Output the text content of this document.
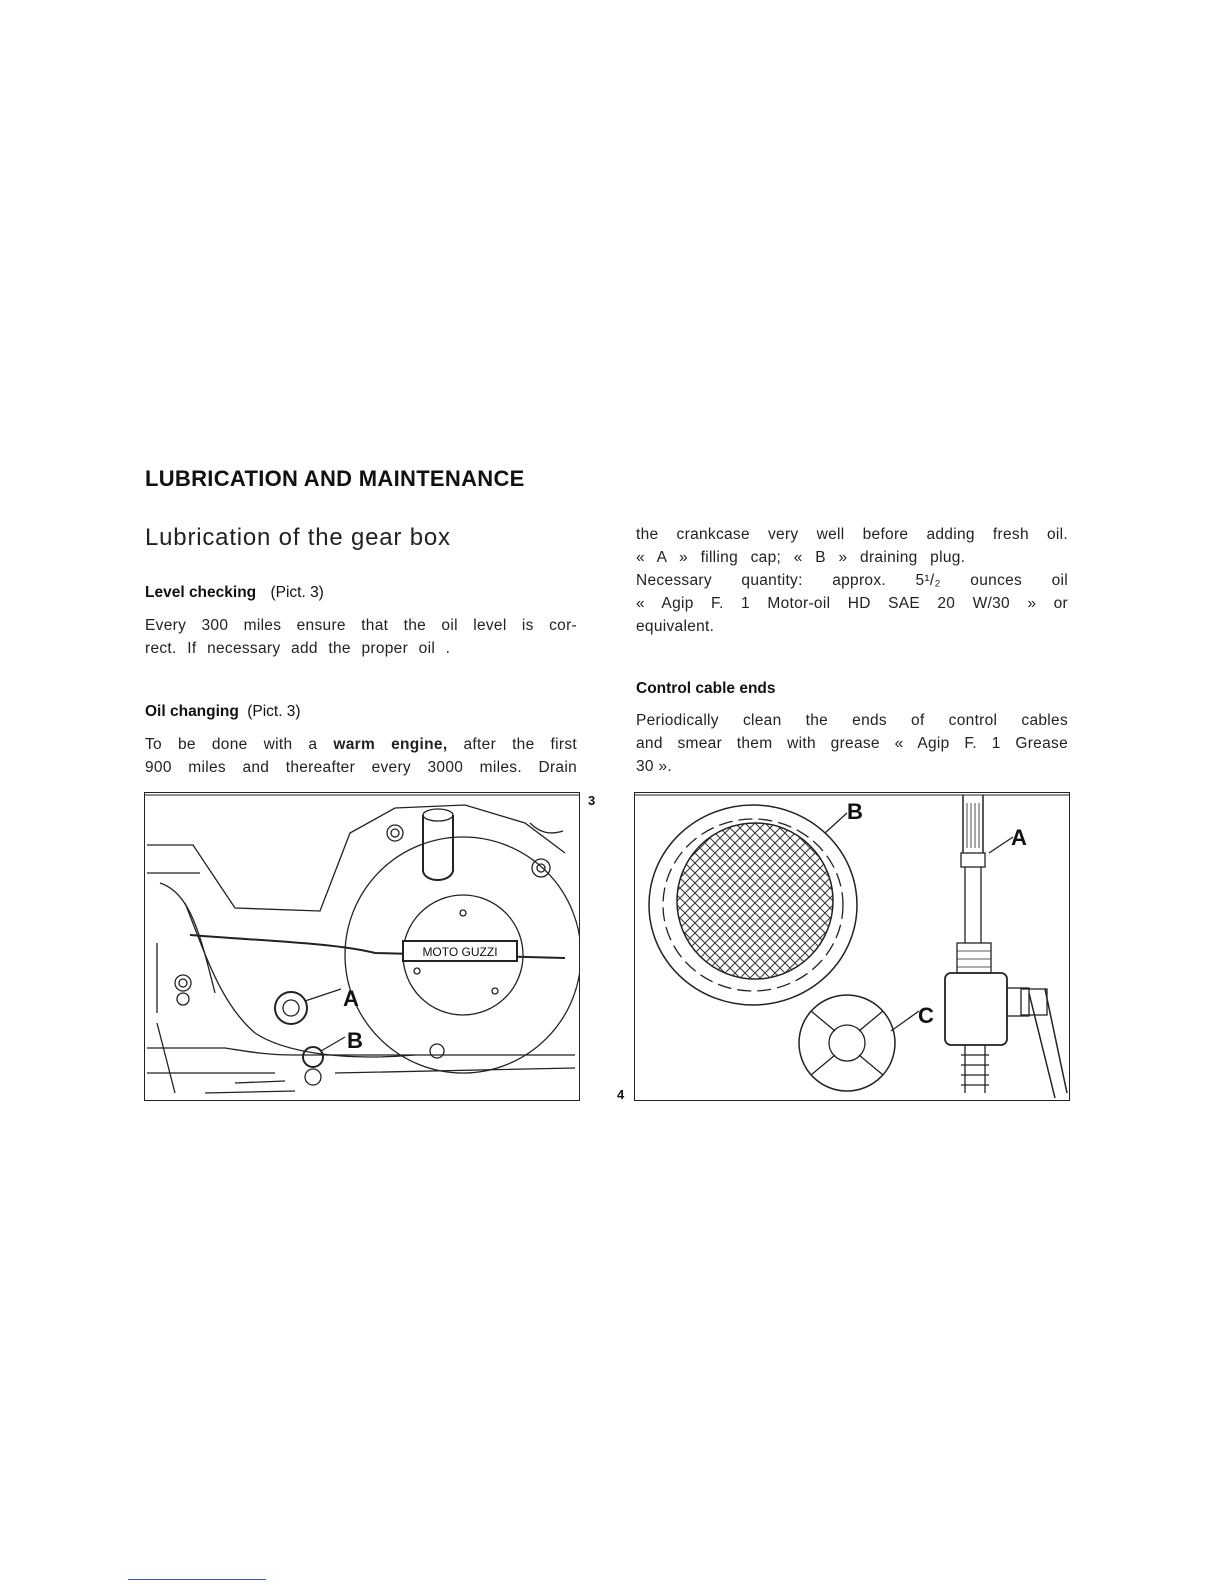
LUBRICATION AND MAINTENANCE
Lubrication of the gear box
Level checking (Pict. 3)
Every 300 miles ensure that the oil level is cor-
rect. If necessary add the proper oil .
Oil changing (Pict. 3)
To be done with a warm engine, after the first
900 miles and thereafter every 3000 miles. Drain
the crankcase very well before adding fresh oil.
« A » filling cap; « B » draining plug.
Necessary quantity: approx. 5¹/₂ ounces oil
« Agip F. 1 Motor-oil HD SAE 20 W/30 » or
equivalent.
Control cable ends
Periodically clean the ends of control cables
and smear them with grease « Agip F. 1 Grease
30 ».
3
MOTO GUZZI
A
B
4
B
C
A
